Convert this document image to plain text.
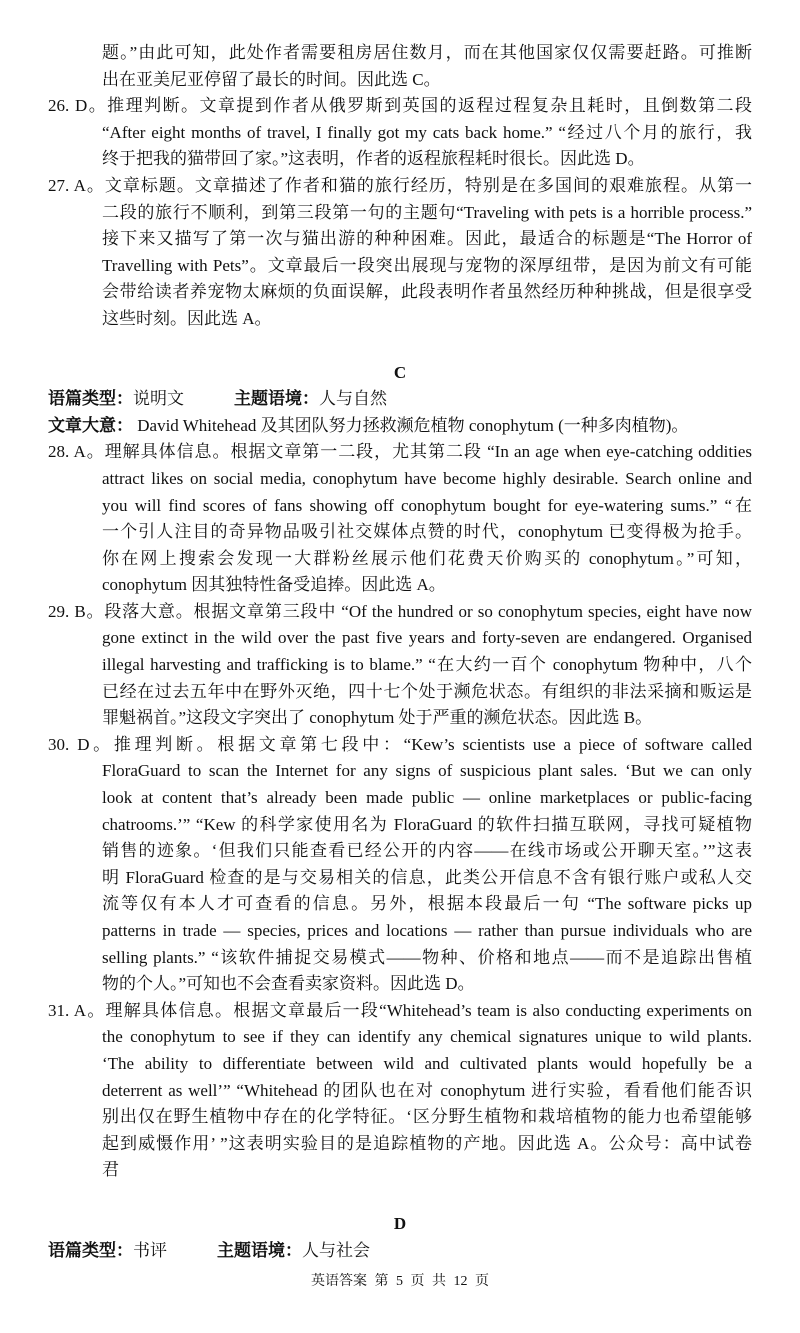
题。”由此可知，此处作者需要租房居住数月，而在其他国家仅仅需要赶路。可推断
出在亚美尼亚停留了最长的时间。因此选 C。
26. D。推理判断。文章提到作者从俄罗斯到英国的返程过程复杂且耗时，且倒数第二段
“After eight months of travel, I finally got my cats back home.” “经过八个月的旅行，我
终于把我的猫带回了家。”这表明，作者的返程旅程耗时很长。因此选 D。
27. A。文章标题。文章描述了作者和猫的旅行经历，特别是在多国间的艰难旅程。从第一
二段的旅行不顺利，到第三段第一句的主题句“Traveling with pets is a horrible process.”
接下来又描写了第一次与猫出游的种种困难。因此，最适合的标题是“The Horror of
Travelling with Pets”。文章最后一段突出展现与宠物的深厚纽带，是因为前文有可能
会带给读者养宠物太麻烦的负面误解，此段表明作者虽然经历种种挑战，但是很享受
这些时刻。因此选 A。
C
语篇类型：说明文	主题语境：人与自然
文章大意： David Whitehead 及其团队努力拯救濒危植物 conophytum (一种多肉植物)。
28. A。理解具体信息。根据文章第一二段，尤其第二段 “In an age when eye-catching oddities
attract likes on social media, conophytum have become highly desirable. Search online and
you will find scores of fans showing off conophytum bought for eye-watering sums.” “在
一个引人注目的奇异物品吸引社交媒体点赞的时代，conophytum 已变得极为抢手。
你在网上搜索会发现一大群粉丝展示他们花费天价购买的 conophytum。”可知，
conophytum 因其独特性备受追捧。因此选 A。
29. B。段落大意。根据文章第三段中 “Of the hundred or so conophytum species, eight have now
gone extinct in the wild over the past five years and forty-seven are endangered. Organised
illegal harvesting and trafficking is to blame.” “在大约一百个 conophytum 物种中，八个
已经在过去五年中在野外灭绝，四十七个处于濒危状态。有组织的非法采摘和贩运是
罪魁祸首。”这段文字突出了 conophytum 处于严重的濒危状态。因此选 B。
30. D。推理判断。根据文章第七段中：“Kew’s scientists use a piece of software called
FloraGuard to scan the Internet for any signs of suspicious plant sales. ‘But we can only
look at content that’s already been made public — online marketplaces or public-facing
chatrooms.’” “Kew 的科学家使用名为 FloraGuard 的软件扫描互联网，寻找可疑植物
销售的迹象。‘但我们只能查看已经公开的内容——在线市场或公开聊天室。’”这表
明 FloraGuard 检查的是与交易相关的信息，此类公开信息不含有银行账户或私人交
流等仅有本人才可查看的信息。另外，根据本段最后一句 “The software picks up
patterns in trade — species, prices and locations — rather than pursue individuals who are
selling plants.” “该软件捕捉交易模式——物种、价格和地点——而不是追踪出售植
物的个人。”可知也不会查看卖家资料。因此选 D。
31. A。理解具体信息。根据文章最后一段“Whitehead’s team is also conducting experiments on
the conophytum to see if they can identify any chemical signatures unique to wild plants.
‘The ability to differentiate between wild and cultivated plants would hopefully be a
deterrent as well’” “Whitehead 的团队也在对 conophytum 进行实验，看看他们能否识
别出仅在野生植物中存在的化学特征。‘区分野生植物和栽培植物的能力也希望能够
起到威慑作用’ ”这表明实验目的是追踪植物的产地。因此选 A。公众号：高中试卷
君
D
语篇类型：书评	主题语境：人与社会
英语答案 第 5 页 共 12 页
